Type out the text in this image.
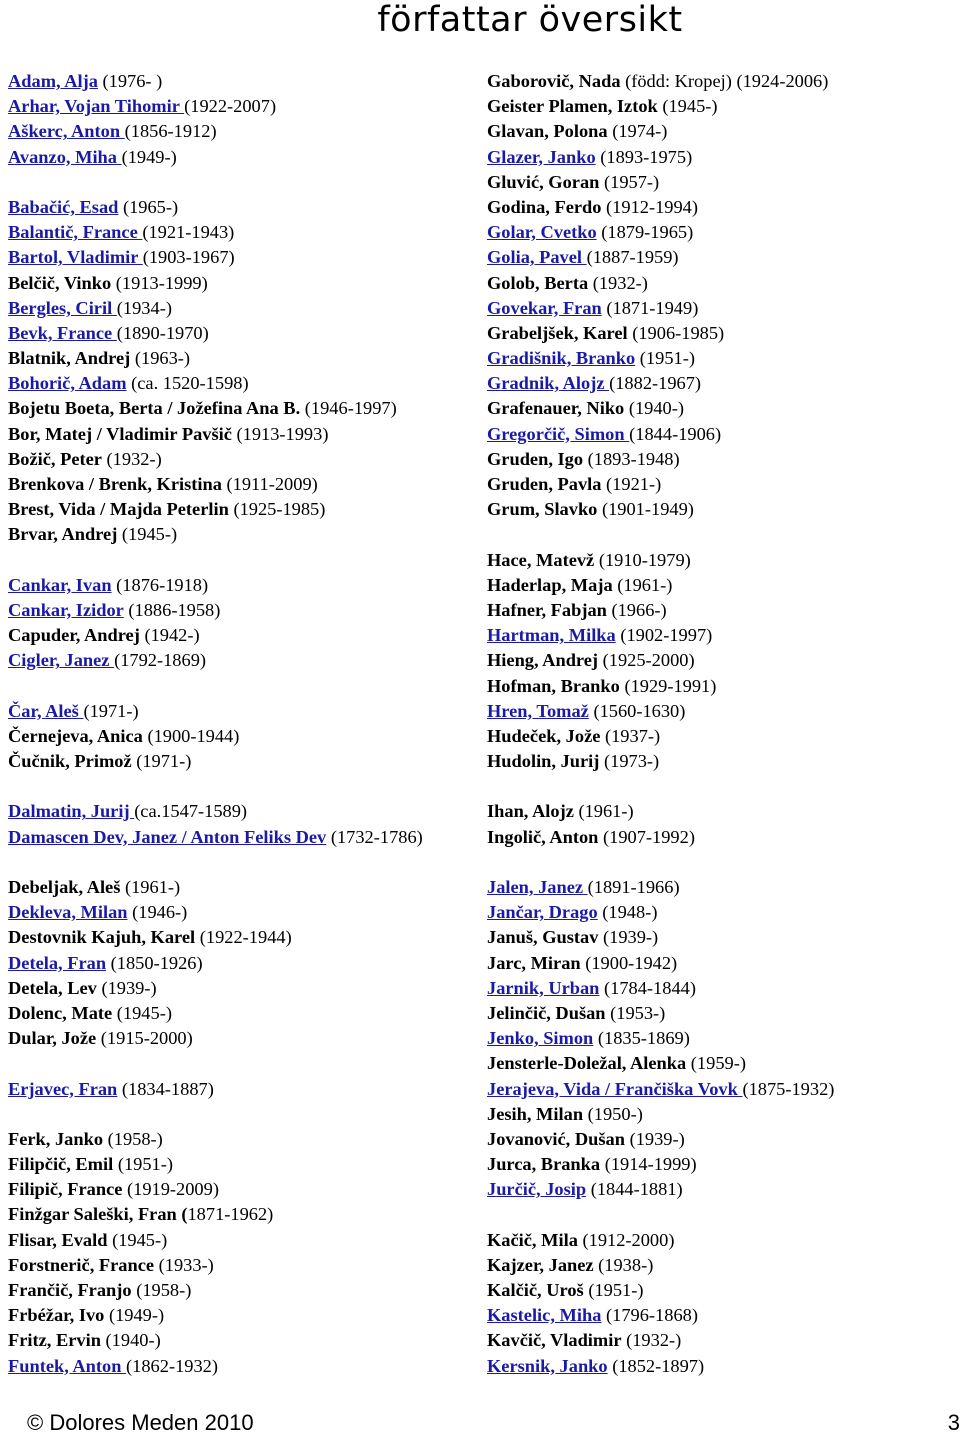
författar översikt
Adam, Alja (1976- )
Arhar, Vojan Tihomir (1922-2007)
Aškerc, Anton (1856-1912)
Avanzo, Miha (1949-)
Babačić, Esad (1965-)
Balantič, France (1921-1943)
Bartol, Vladimir (1903-1967)
Belčič, Vinko (1913-1999)
Bergles, Ciril (1934-)
Bevk, France (1890-1970)
Blatnik, Andrej (1963-)
Bohorič, Adam (ca. 1520-1598)
Bojetu Boeta, Berta / Jožefina Ana B. (1946-1997)
Bor, Matej / Vladimir Pavšič (1913-1993)
Božič, Peter (1932-)
Brenkova / Brenk, Kristina (1911-2009)
Brest, Vida / Majda Peterlin (1925-1985)
Brvar, Andrej (1945-)
Cankar, Ivan (1876-1918)
Cankar, Izidor (1886-1958)
Capuder, Andrej (1942-)
Cigler, Janez (1792-1869)
Čar, Aleš (1971-)
Černejeva, Anica (1900-1944)
Čučnik, Primož (1971-)
Dalmatin, Jurij (ca.1547-1589)
Damascen Dev, Janez / Anton Feliks Dev (1732-1786)
Debeljak, Aleš (1961-)
Dekleva, Milan (1946-)
Destovnik Kajuh, Karel (1922-1944)
Detela, Fran (1850-1926)
Detela, Lev (1939-)
Dolenc, Mate (1945-)
Dular, Jože (1915-2000)
Erjavec, Fran (1834-1887)
Ferk, Janko (1958-)
Filipčič, Emil (1951-)
Filipič, France (1919-2009)
Finžgar Saleški, Fran (1871-1962)
Flisar, Evald (1945-)
Forstnerič, France (1933-)
Frančič, Franjo (1958-)
Frbéžar, Ivo (1949-)
Fritz, Ervin (1940-)
Funtek, Anton (1862-1932)
Gaborovič, Nada (född: Kropej) (1924-2006)
Geister Plamen, Iztok (1945-)
Glavan, Polona (1974-)
Glazer, Janko (1893-1975)
Gluvić, Goran (1957-)
Godina, Ferdo (1912-1994)
Golar, Cvetko (1879-1965)
Golia, Pavel (1887-1959)
Golob, Berta (1932-)
Govekar, Fran (1871-1949)
Grabeljšek, Karel (1906-1985)
Gradišnik, Branko (1951-)
Gradnik, Alojz (1882-1967)
Grafenauer, Niko (1940-)
Gregorčič, Simon (1844-1906)
Gruden, Igo (1893-1948)
Gruden, Pavla (1921-)
Grum, Slavko (1901-1949)
Hace, Matevž (1910-1979)
Haderlap, Maja (1961-)
Hafner, Fabjan (1966-)
Hartman, Milka (1902-1997)
Hieng, Andrej (1925-2000)
Hofman, Branko (1929-1991)
Hren, Tomaž (1560-1630)
Hudeček, Jože (1937-)
Hudolin, Jurij (1973-)
Ihan, Alojz (1961-)
Ingolič, Anton (1907-1992)
Jalen, Janez (1891-1966)
Jančar, Drago (1948-)
Januš, Gustav (1939-)
Jarc, Miran (1900-1942)
Jarnik, Urban (1784-1844)
Jelinčič, Dušan (1953-)
Jenko, Simon (1835-1869)
Jensterle-Doležal, Alenka (1959-)
Jerajeva, Vida / Frančiška Vovk (1875-1932)
Jesih, Milan (1950-)
Jovanović, Dušan (1939-)
Jurca, Branka (1914-1999)
Jurčič, Josip (1844-1881)
Kačič, Mila (1912-2000)
Kajzer, Janez (1938-)
Kalčič, Uroš (1951-)
Kastelic, Miha (1796-1868)
Kavčič, Vladimir (1932-)
Kersnik, Janko (1852-1897)
© Dolores Meden 2010	3
